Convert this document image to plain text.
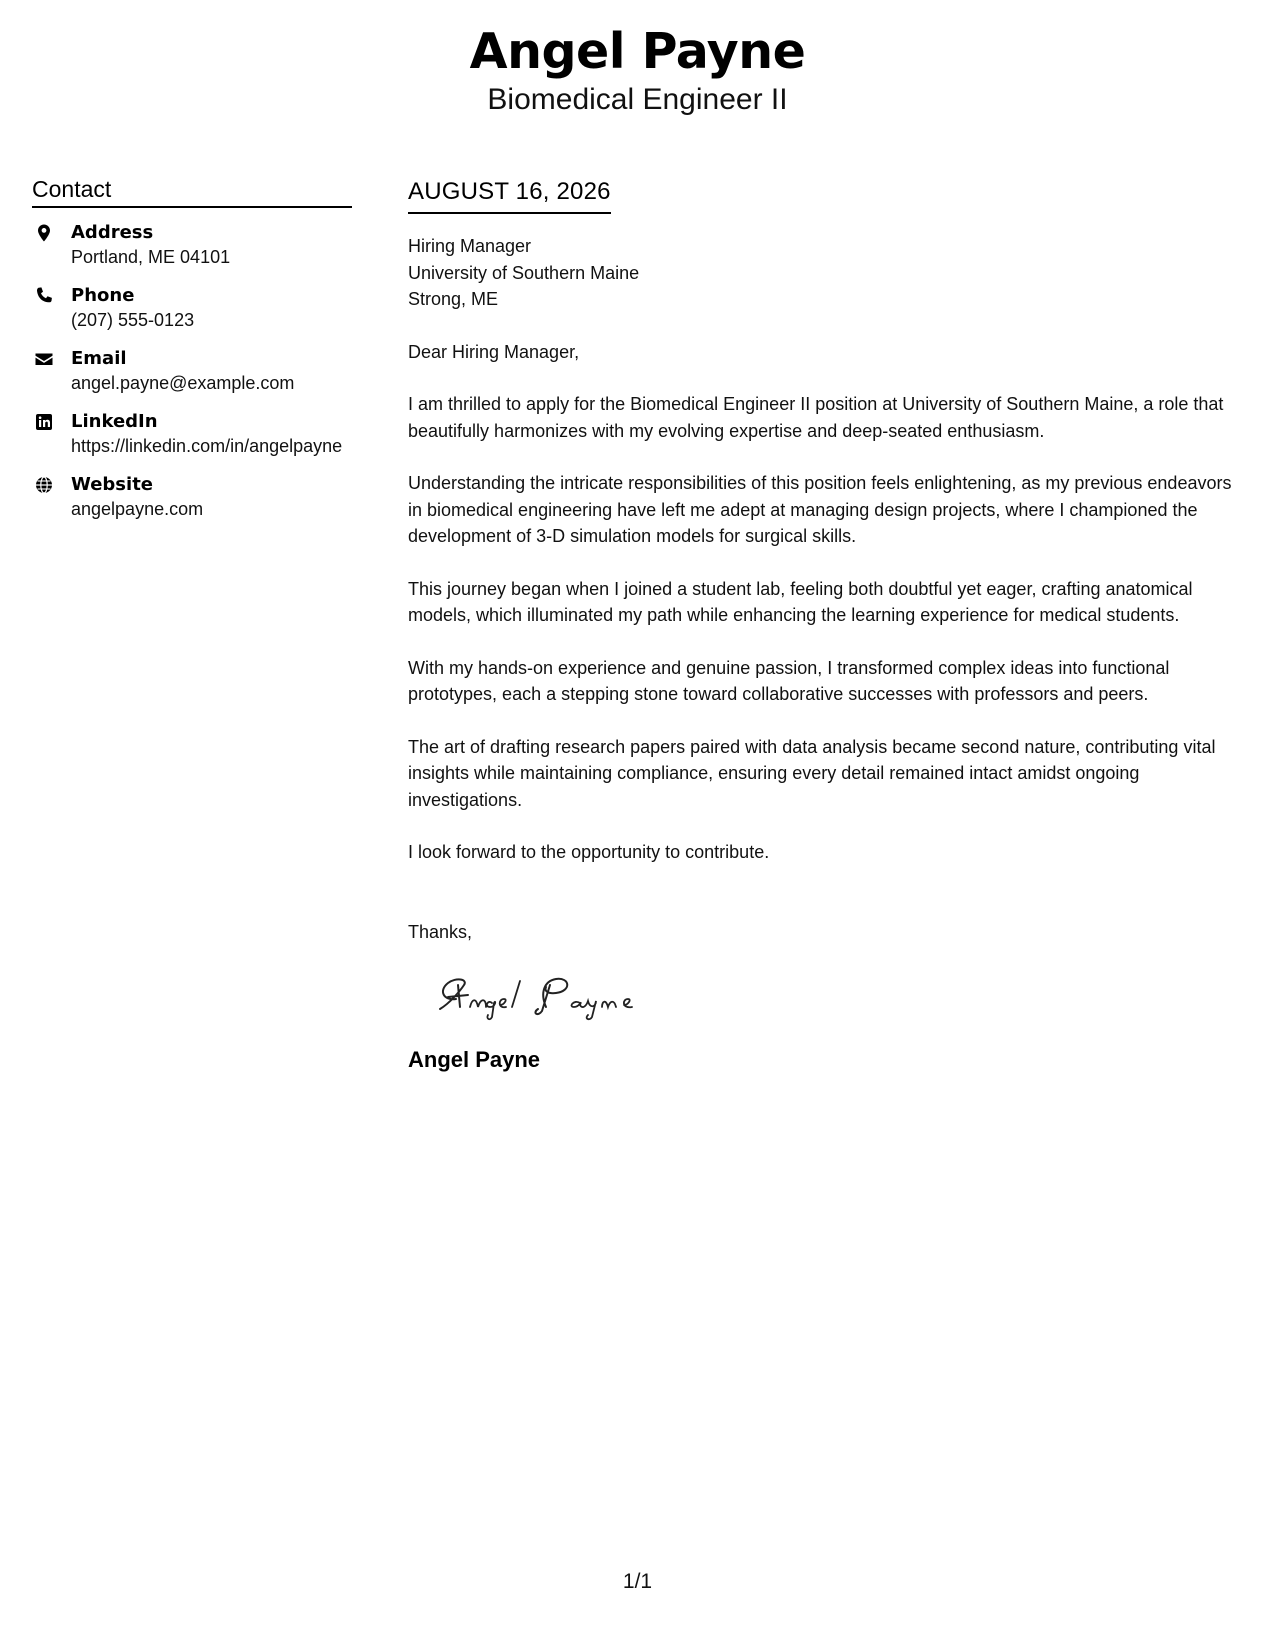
Angel Payne
Biomedical Engineer II
Contact
Address
Portland, ME 04101
Phone
(207) 555-0123
Email
angel.payne@example.com
LinkedIn
https://linkedin.com/in/angelpayne
Website
angelpayne.com
AUGUST 16, 2026
Hiring Manager
University of Southern Maine
Strong, ME

Dear Hiring Manager,

I am thrilled to apply for the Biomedical Engineer II position at University of Southern Maine, a role that beautifully harmonizes with my evolving expertise and deep-seated enthusiasm.

Understanding the intricate responsibilities of this position feels enlightening, as my previous endeavors in biomedical engineering have left me adept at managing design projects, where I championed the development of 3-D simulation models for surgical skills.

This journey began when I joined a student lab, feeling both doubtful yet eager, crafting anatomical models, which illuminated my path while enhancing the learning experience for medical students.

With my hands-on experience and genuine passion, I transformed complex ideas into functional prototypes, each a stepping stone toward collaborative successes with professors and peers.

The art of drafting research papers paired with data analysis became second nature, contributing vital insights while maintaining compliance, ensuring every detail remained intact amidst ongoing investigations.

I look forward to the opportunity to contribute.

Thanks,
Angel Payne
1/1
